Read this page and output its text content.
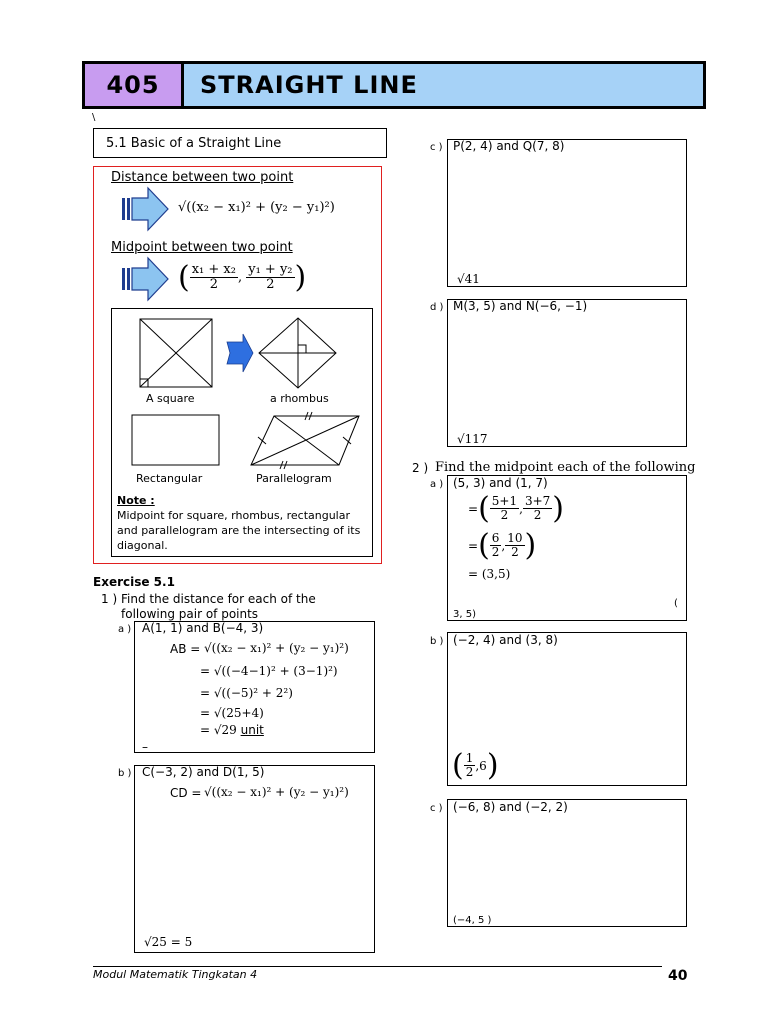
405	STRAIGHT LINE
\
5.1 Basic of a Straight Line
Distance between two point
√((x₂ − x₁)² + (y₂ − y₁)²)
Midpoint between two point
( $\frac{\text{x₁ + x₂}}{2}$ , $\frac{\text{y₁ + y₂}}{2}$ )
A square	a rhombus
Rectangular	Parallelogram
Note :
Midpoint for square, rhombus, rectangular and parallelogram are the intersecting of its diagonal.
Exercise 5.1
1 ) Find the distance for each of the following pair of points
a ) A(1, 1) and B(−4, 3)
AB = √((x₂ − x₁)² + (y₂ − y₁)²)
= √((−4−1)² + (3−1)²)
= √((−5)² + 2²)
= √(25+4)
= √29 unit
–
b ) C(−3, 2) and D(1, 5)
CD = √((x₂ − x₁)² + (y₂ − y₁)²)
√25 = 5
c ) P(2, 4) and Q(7, 8)
√41
d ) M(3, 5) and N(−6, −1)
√117
2 ) Find the midpoint each of the following
a ) (5, 3) and (1, 7)
= ( $\frac{5+1}{2}$ , $\frac{3+7}{2}$ )
= ( $\frac{6}{2}$ , $\frac{10}{2}$ )
= (3,5)
(
3, 5)
b ) (−2, 4) and (3, 8)
( $\frac{1}{2} ,6$ )
c ) (−6, 8) and (−2, 2)
(−4, 5 )
Modul Matematik Tingkatan 4	40
